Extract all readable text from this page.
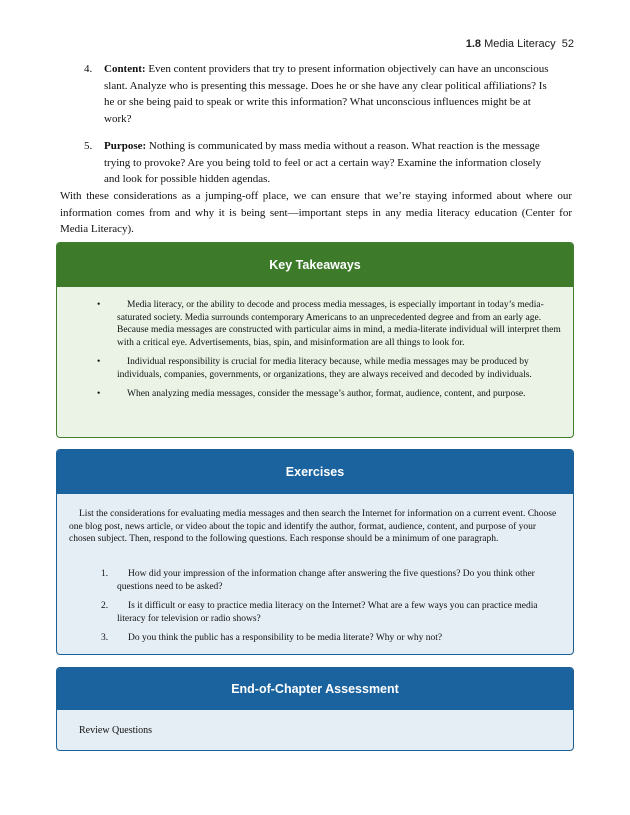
1.8 Media Literacy 52
4. Content: Even content providers that try to present information objectively can have an unconscious slant. Analyze who is presenting this message. Does he or she have any clear political affiliations? Is he or she being paid to speak or write this information? What unconscious influences might be at work?
5. Purpose: Nothing is communicated by mass media without a reason. What reaction is the message trying to provoke? Are you being told to feel or act a certain way? Examine the information closely and look for possible hidden agendas.

With these considerations as a jumping-off place, we can ensure that we’re staying informed about where our information comes from and why it is being sent—important steps in any media literacy education (Center for Media Literacy).

Key Takeaways
•	Media literacy, or the ability to decode and process media messages, is especially important in today’s media-saturated society. Media surrounds contemporary Americans to an unprecedented degree and from an early age. Because media messages are constructed with particular aims in mind, a media-literate individual will interpret them with a critical eye. Advertisements, bias, spin, and misinformation are all things to look for.
•	Individual responsibility is crucial for media literacy because, while media messages may be produced by individuals, companies, governments, or organizations, they are always received and decoded by individuals.
•	When analyzing media messages, consider the message’s author, format, audience, content, and purpose.
Exercises

List the considerations for evaluating media messages and then search the Internet for information on a current event. Choose one blog post, news article, or video about the topic and identify the author, format, audience, content, and purpose of your chosen subject. Then, respond to the following questions. Each response should be a minimum of one paragraph.

1. How did your impression of the information change after answering the five questions? Do you think other questions need to be asked?
2. Is it difficult or easy to practice media literacy on the Internet? What are a few ways you can practice media literacy for television or radio shows?
3. Do you think the public has a responsibility to be media literate? Why or why not?
End-of-Chapter Assessment
Review Questions
